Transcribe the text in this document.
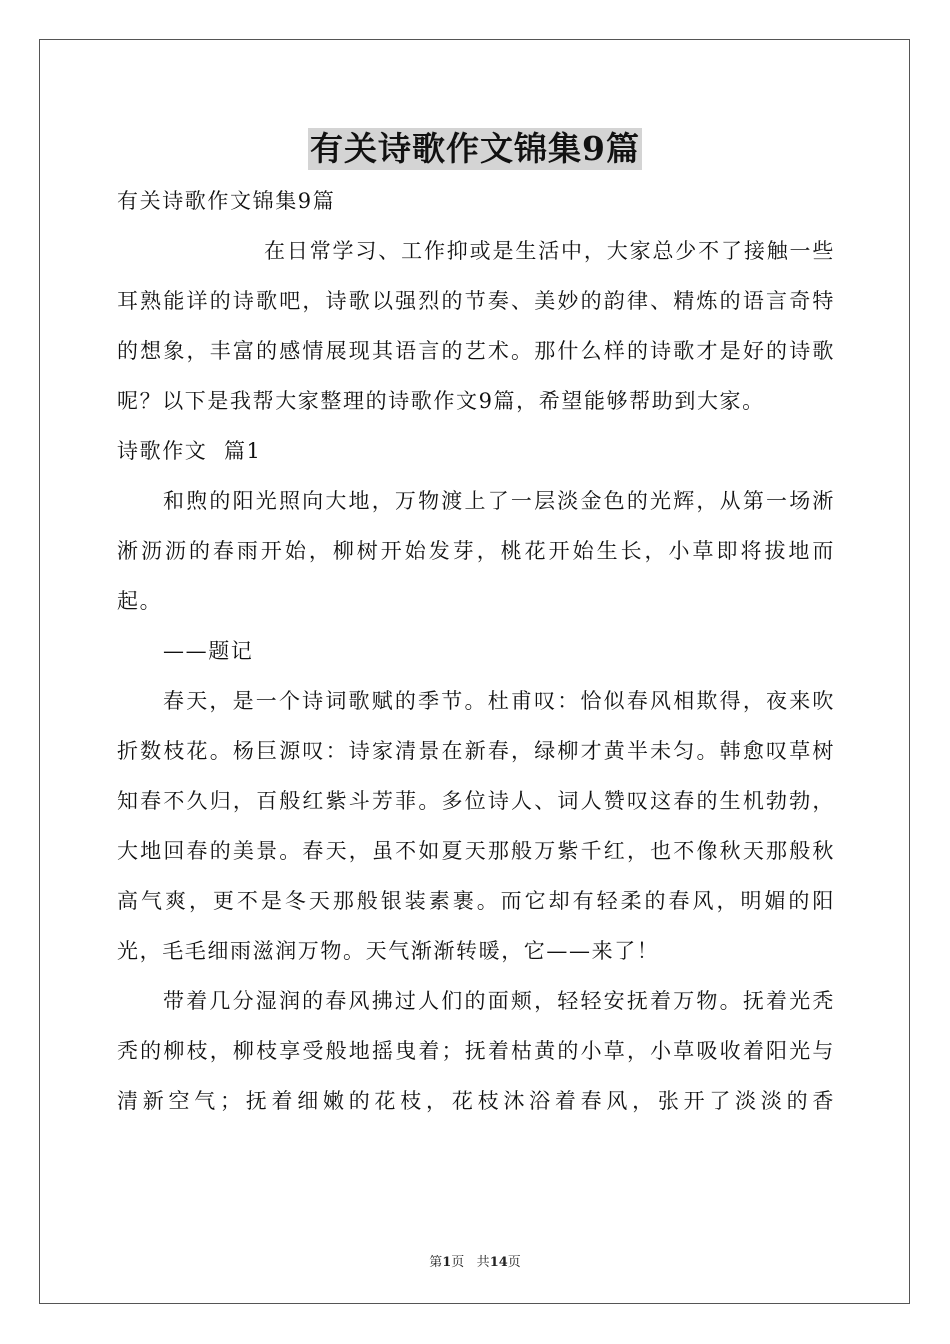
有关诗歌作文锦集9篇

有关诗歌作文锦集9篇

在日常学习、工作抑或是生活中，大家总少不了接触一些耳熟能详的诗歌吧，诗歌以强烈的节奏、美妙的韵律、精炼的语言奇特的想象，丰富的感情展现其语言的艺术。那什么样的诗歌才是好的诗歌呢？以下是我帮大家整理的诗歌作文9篇，希望能够帮助到大家。

诗歌作文  篇1

和煦的阳光照向大地，万物渡上了一层淡金色的光辉，从第一场淅淅沥沥的春雨开始，柳树开始发芽，桃花开始生长，小草即将拔地而起。

——题记

春天，是一个诗词歌赋的季节。杜甫叹：恰似春风相欺得，夜来吹折数枝花。杨巨源叹：诗家清景在新春，绿柳才黄半未匀。韩愈叹草树知春不久归，百般红紫斗芳菲。多位诗人、词人赞叹这春的生机勃勃，大地回春的美景。春天，虽不如夏天那般万紫千红，也不像秋天那般秋高气爽，更不是冬天那般银装素裹。而它却有轻柔的春风，明媚的阳光，毛毛细雨滋润万物。天气渐渐转暖，它——来了！

带着几分湿润的春风拂过人们的面颊，轻轻安抚着万物。抚着光秃秃的柳枝，柳枝享受般地摇曳着；抚着枯黄的小草，小草吸收着阳光与清新空气；抚着细嫩的花枝，花枝沐浴着春风，张开了淡淡的香

第1页 共14页
